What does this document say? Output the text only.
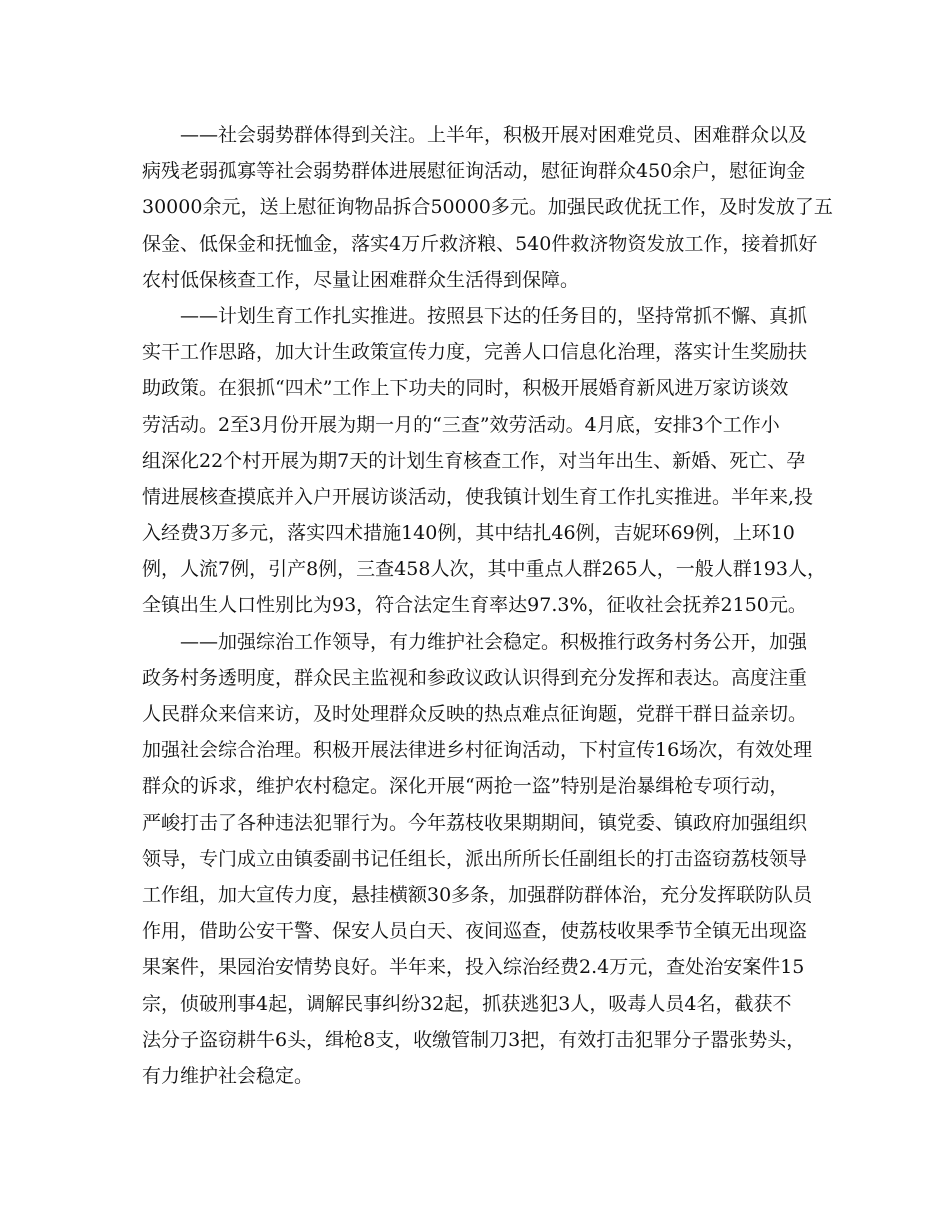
——社会弱势群体得到关注。上半年，积极开展对困难党员、困难群众以及
病残老弱孤寡等社会弱势群体进展慰征询活动，慰征询群众450余户，慰征询金
30000余元，送上慰征询物品拆合50000多元。加强民政优抚工作，及时发放了五
保金、低保金和抚恤金，落实4万斤救济粮、540件救济物资发放工作，接着抓好
农村低保核查工作，尽量让困难群众生活得到保障。
——计划生育工作扎实推进。按照县下达的任务目的，坚持常抓不懈、真抓
实干工作思路，加大计生政策宣传力度，完善人口信息化治理，落实计生奖励扶
助政策。在狠抓“四术”工作上下功夫的同时，积极开展婚育新风进万家访谈效
劳活动。2至3月份开展为期一月的“三查”效劳活动。4月底，安排3个工作小
组深化22个村开展为期7天的计划生育核查工作，对当年出生、新婚、死亡、孕
情进展核查摸底并入户开展访谈活动，使我镇计划生育工作扎实推进。半年来,投
入经费3万多元，落实四术措施140例，其中结扎46例，吉妮环69例，上环10
例，人流7例，引产8例，三查458人次，其中重点人群265人，一般人群193人，
全镇出生人口性别比为93，符合法定生育率达97.3%，征收社会抚养2150元。
——加强综治工作领导，有力维护社会稳定。积极推行政务村务公开，加强
政务村务透明度，群众民主监视和参政议政认识得到充分发挥和表达。高度注重
人民群众来信来访，及时处理群众反映的热点难点征询题，党群干群日益亲切。
加强社会综合治理。积极开展法律进乡村征询活动，下村宣传16场次，有效处理
群众的诉求，维护农村稳定。深化开展“两抢一盗”特别是治暴缉枪专项行动，
严峻打击了各种违法犯罪行为。今年荔枝收果期期间，镇党委、镇政府加强组织
领导，专门成立由镇委副书记任组长，派出所所长任副组长的打击盗窃荔枝领导
工作组，加大宣传力度，悬挂横额30多条，加强群防群体治，充分发挥联防队员
作用，借助公安干警、保安人员白天、夜间巡查，使荔枝收果季节全镇无出现盗
果案件，果园治安情势良好。半年来，投入综治经费2.4万元，查处治安案件15
宗，侦破刑事4起，调解民事纠纷32起，抓获逃犯3人，吸毒人员4名，截获不
法分子盗窃耕牛6头，缉枪8支，收缴管制刀3把，有效打击犯罪分子嚣张势头，
有力维护社会稳定。
